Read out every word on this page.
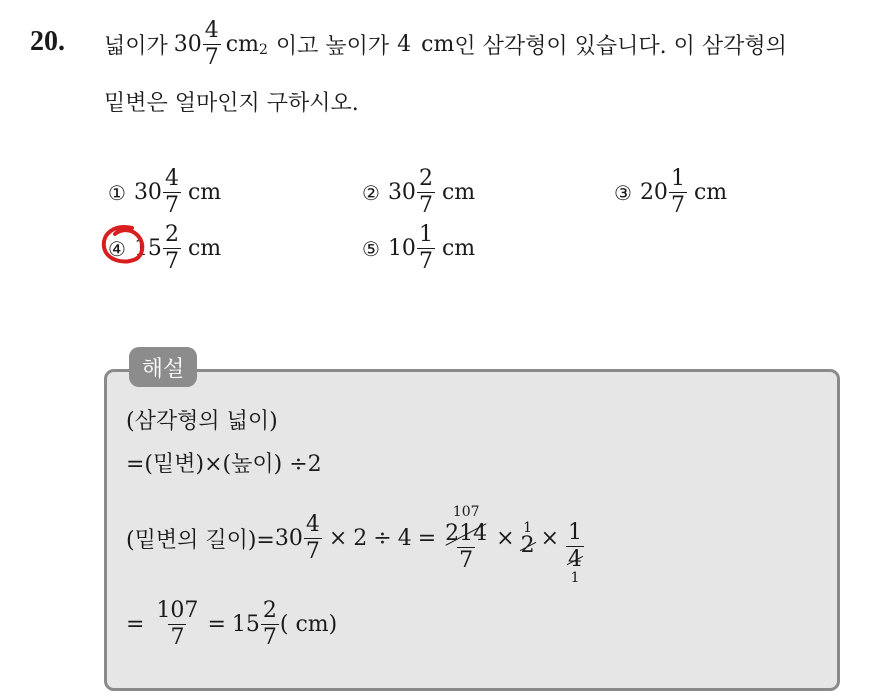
20. 넓이가 $30 \frac{4}{7} cm_2$ 이고 높이가 4 cm 인 삼각형이 있습니다. 이 삼각형의
밑변은 얼마인지 구하시오.
① $30 \frac{4}{7}$ cm	② $30 \frac{2}{7}$ cm	③ $20 \frac{1}{7}$ cm
④ $15 \frac{2}{7}$ cm	⑤ $10 \frac{1}{7}$ cm
해설
(삼각형의 넓이)
=(밑변)×(높이) ÷2
(밑변의 길이)= $30 \frac{4}{7} \times 2 \div 4$ =
107
$\frac{214}{7} \times 1$
$2 \times \frac{1}{4}$
1
= $\frac{107}{7} = 15 \frac{2}{7}$ ( cm)
